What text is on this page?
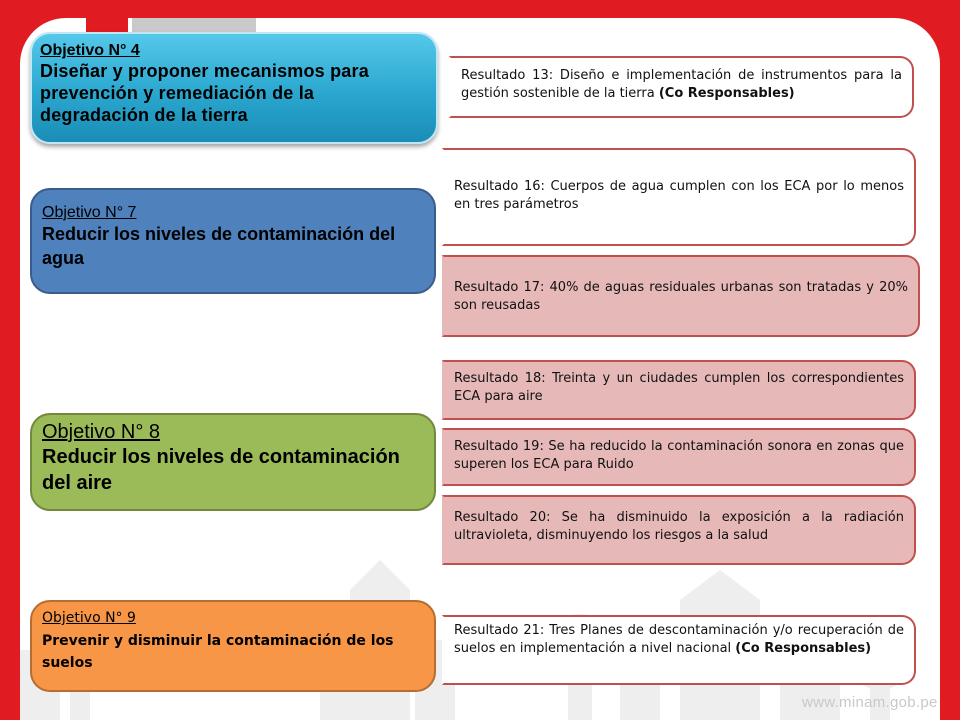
www.minam.gob.pe
Objetivo N° 4
Diseñar y proponer mecanismos para prevención y remediación de la degradación de la tierra
Objetivo N° 7
Reducir los niveles de contaminación del agua
Objetivo N° 8
Reducir los niveles de contaminación del aire
Objetivo N° 9
Prevenir y disminuir la contaminación de los suelos
Resultado 13: Diseño e implementación de instrumentos para la gestión sostenible de la tierra (Co Responsables)
Resultado 16: Cuerpos de agua cumplen con los ECA por lo menos en tres parámetros
Resultado 17: 40% de aguas residuales urbanas son tratadas y 20% son reusadas
Resultado 18: Treinta y un ciudades cumplen los correspondientes ECA para aire
Resultado 19: Se ha reducido la contaminación sonora en zonas que superen los ECA para Ruido
Resultado 20: Se ha disminuido la exposición a la radiación ultravioleta, disminuyendo los riesgos a la salud
Resultado 21: Tres Planes de descontaminación y/o recuperación de suelos en implementación a nivel nacional (Co Responsables)
